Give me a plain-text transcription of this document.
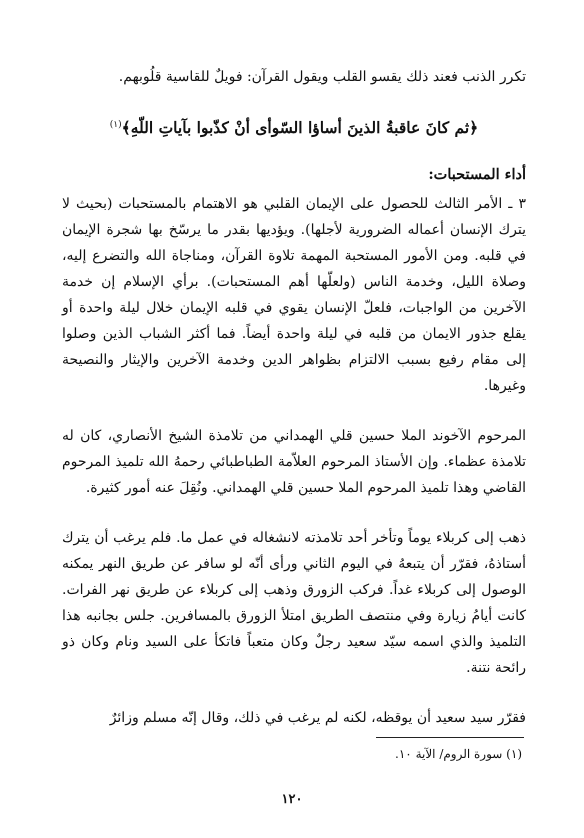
تكرر الذنب فعند ذلك يقسو القلب ويقول القرآن: فويلٌ للقاسية قلُوبهم.

﴿ثم كانَ عاقبةُ الذينَ أساؤا السّوأى أنْ كذّبوا بآياتِ اللّهِ﴾$^{(١)}$

أداء المستحبات:

٣ ـ الأمر الثالث للحصول على الإيمان القلبي هو الاهتمام بالمستحبات (بحيث لا يترك الإنسان أعماله الضرورية لأجلها). ويؤديها بقدر ما يرسّخ بها شجرة الإيمان في قلبه. ومن الأمور المستحبة المهمة تلاوة القرآن، ومناجاة الله والتضرع إليه، وصلاة الليل، وخدمة الناس (ولعلّها أهم المستحبات). برأي الإسلام إن خدمة الآخرين من الواجبات، فلعلّ الإنسان يقوي في قلبه الإيمان خلال ليلة واحدة أو يقلع جذور الايمان من قلبه في ليلة واحدة أيضاً. فما أكثر الشباب الذين وصلوا إلى مقام رفيع بسبب الالتزام بظواهر الدين وخدمة الآخرين والإيثار والنصيحة وغيرها.

المرحوم الآخوند الملا حسين قلي الهمداني من تلامذة الشيخ الأنصاري، كان له تلامذة عظماء. وإن الأستاذ المرحوم العلاّمة الطباطبائي رحمهُ الله تلميذ المرحوم القاضي وهذا تلميذ المرحوم الملا حسين قلي الهمداني. ونُقِلَ عنه أمور كثيرة.

ذهب إلى كربلاء يوماً وتأخر أحد تلامذته لانشغاله في عمل ما. فلم يرغب أن يترك أستاذهُ، فقرّر أن يتبعهُ في اليوم الثاني ورأى أنّه لو سافر عن طريق النهر يمكنه الوصول إلى كربلاء غداً. فركب الزورق وذهب إلى كربلاء عن طريق نهر الفرات. كانت أيامُ زيارة وفي منتصف الطريق امتلأ الزورق بالمسافرين. جلس بجانبه هذا التلميذ والذي اسمه سيّد سعيد رجلٌ وكان متعباً فاتكأ على السيد ونام وكان ذو رائحة نتنة.

فقرّر سيد سعيد أن يوقظه، لكنه لم يرغب في ذلك، وقال إنّه مسلم وزائرٌ

(١) سورة الروم/ الآية ١٠.

١٢٠
